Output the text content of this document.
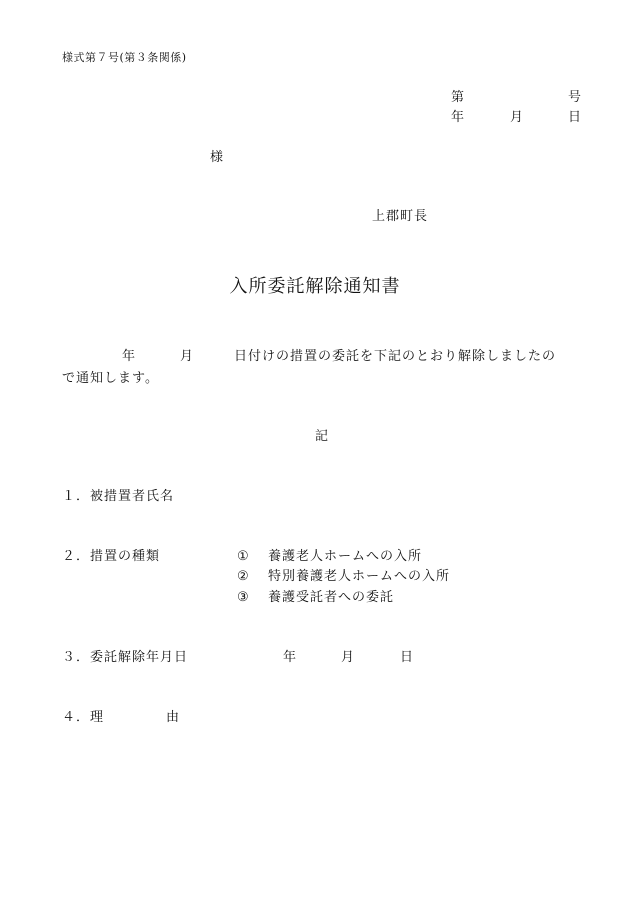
様式第７号(第３条関係)
第	号
年	月	日
様
上郡町長
入所委託解除通知書
年	月	日付けの措置の委託を下記のとおり解除しましたの
で通知します。
記
１．被措置者氏名
２．措置の種類	① 養護老人ホームへの入所
② 特別養護老人ホームへの入所
③ 養護受託者への委託
３．委託解除年月日	年	月	日
４．理	由
